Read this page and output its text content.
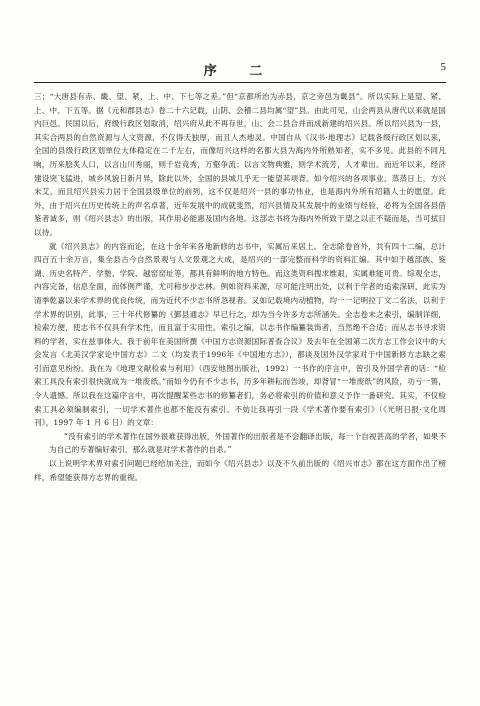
序 二	5

三；“大唐县有赤、畿、望、紧、上、中、下七等之差。”但“京都所治为赤县，京之旁邑为畿县”。所以实际上是望、紧、上、中、下五等。据《元和郡县志》卷二十六记载，山阴、会稽二县均属“望”县。由此可见，山会两县从唐代以来就是国内巨邑。民国以后，府级行政区划取消，绍兴府从此不再存世，山、会二县合并而成新建的绍兴县。所以绍兴县为一县，其实合两县的自然资源与人文资源，不仅得天独厚，而且人杰地灵。中国自从《汉书·地理志》记载各级行政区划以来，全国的县级行政区划单位大体稳定在二千左右，而像绍兴这样的名都大县为海内外所熟知者，实不多见。此县的不同凡响，历来脍炙人口，以言山川秀丽，则千岩竞秀，万壑争流；以言文物典雅，则学术流芳，人才辈出。而近年以来，经济建设突飞猛进，城乡风貌日新月异，除此以外，全国的县城几乎无一能望其项背。如今绍兴的各项事业，蒸蒸日上，方兴未艾，而且绍兴县实力居于全国县级单位的前列，这不仅是绍兴一县的事功伟业，也是海内外所有绍籍人士的愿望。此外，由于绍兴在历史传统上的声名卓著，近年发展中的成就斐然，绍兴县情及其发展中的业绩与经验，必将为全国各县借鉴者诚多，则《绍兴县志》的出版，其作用必能惠及国内各地。这部志书将为海内外所致于望之以正不疑而是，当可拭目以待。

就《绍兴县志》的内容而论，在这十余年来各地新修的志书中，实属后来居上。全志除卷首外，共有四十二编，总计四百五十余万言，集全县古今自然景观与人文景观之大成，是绍兴的一部完整而科学的资料汇编。其中如于越部族、鉴湖、历史名特产、学塾、学院、越窑窑址等，都具有鲜明的地方特色。而这类资料搜求维艰，实属难能可贵。综观全志，内容完备，信息全面，而体例严谨，尤可称步步志林。例如资料来源，尽可能注明出处，以利于学者的追索深研，此实为清季乾嘉以来学术界的优良传统，而为近代不少志书所忽视者。又如记载境内动植物，均一一记明拉丁文二名法，以利于学术界的识别，此事，三十年代修纂的《鄞县通志》早已行之，却为当今许多方志所涵失。全志卷末之索引，编制详细，检索方便，使志书不仅具有学术性，而且富于实用性。索引之编，以志书作编纂装饰者，当然绝不合适；而从志书寻求资料的学者，实在兹事体大。我于前年在美国所撰《中国方志资源国际普查合议》及去年在全国第二次方志工作会议中的大会发言《北美汉学家论中国方志》二文（均发表于1996年《中国地方志》），都谈及国外汉学家对于中国新修方志缺之索引而意见纷纷。我在为《地理文献检索与利用》（西安地图出版社，1992）一书作的序言中，曾引及外国学者的话：“检索工具没有索引很快就成为一堆废纸。”而如今仍有不少志书，历多年耕耘而告竣，却背冒“一堆废纸”的风险，功亏一篑，令人遗憾。所以我在这篇序言中，再次提醒某些志书的修纂者们，务必将索引的价值和意义予作一番研究。其实，不仅检索工具必须编制索引，一切学术著作也都不能没有索引。不妨让我再引一段《学术著作要有索引》（《光明日报·文化周刊》，1997 年 1 月 6 日）的文章：

“没有索引的学术著作在国外很难获得出版，外国著作的出版者是不会翻译出版，每一个自视甚高的学者，如果不为自己的专著编好索引，那么就是对学术著作的自杀。”

以上说明学术界对索引问题已经给加关注，而如今《绍兴县志》以及不久前出版的《绍兴市志》都在这方面作出了榜样，希望能获得方志界的重视。
